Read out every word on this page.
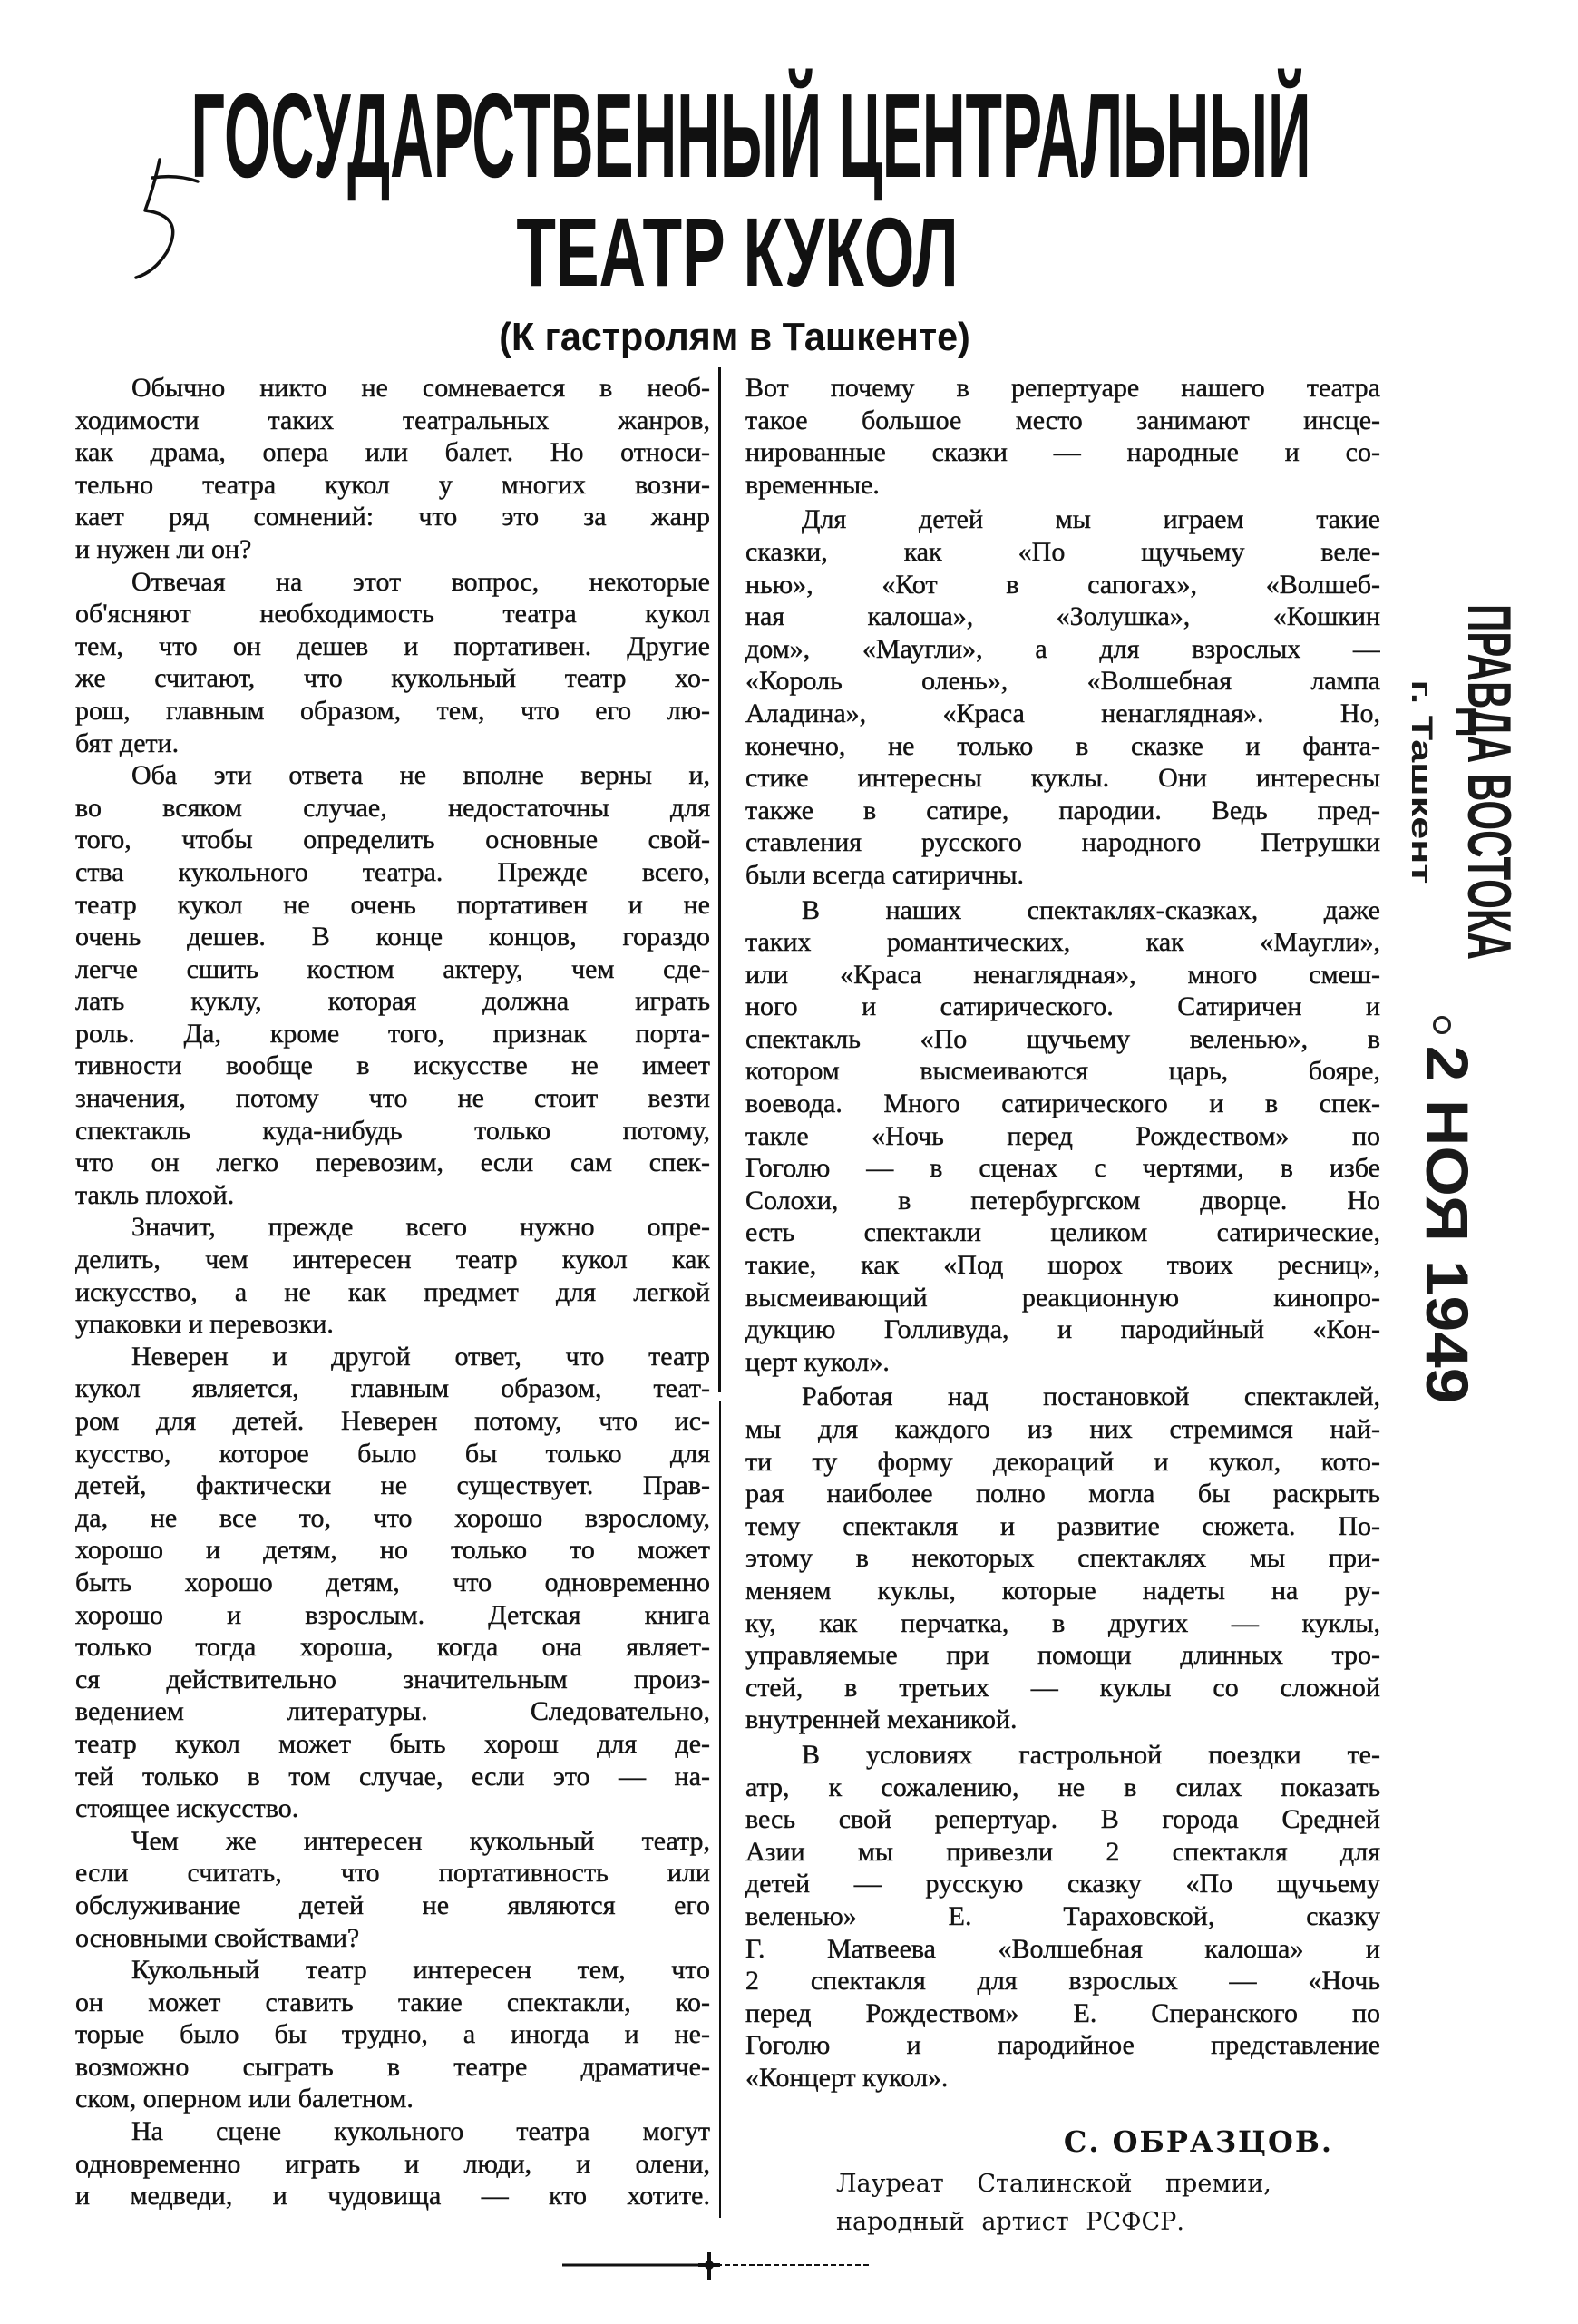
ГОСУДАРСТВЕННЫЙ ЦЕНТРАЛЬНЫЙ
ТЕАТР КУКОЛ
(К гастролям в Ташкенте)
Обычно никто не сомневается в необ-
ходимости таких театральных жанров,
как драма, опера или балет. Но относи-
тельно театра кукол у многих возни-
кает ряд сомнений: что это за жанр
и нужен ли он?
Отвечая на этот вопрос, некоторые
об'ясняют необходимость театра кукол
тем, что он дешев и портативен. Другие
же считают, что кукольный театр хо-
рош, главным образом, тем, что его лю-
бят дети.
Оба эти ответа не вполне верны и,
во всяком случае, недостаточны для
того, чтобы определить основные свой-
ства кукольного театра. Прежде всего,
театр кукол не очень портативен и не
очень дешев. В конце концов, гораздо
легче сшить костюм актеру, чем сде-
лать куклу, которая должна играть
роль. Да, кроме того, признак порта-
тивности вообще в искусстве не имеет
значения, потому что не стоит везти
спектакль куда-нибудь только потому,
что он легко перевозим, если сам спек-
такль плохой.
Значит, прежде всего нужно опре-
делить, чем интересен театр кукол как
искусство, а не как предмет для легкой
упаковки и перевозки.
Неверен и другой ответ, что театр
кукол является, главным образом, теат-
ром для детей. Неверен потому, что ис-
кусство, которое было бы только для
детей, фактически не существует. Прав-
да, не все то, что хорошо взрослому,
хорошо и детям, но только то может
быть хорошо детям, что одновременно
хорошо и взрослым. Детская книга
только тогда хороша, когда она являет-
ся действительно значительным произ-
ведением литературы. Следовательно,
театр кукол может быть хорош для де-
тей только в том случае, если это — на-
стоящее искусство.
Чем же интересен кукольный театр,
если считать, что портативность или
обслуживание детей не являются его
основными свойствами?
Кукольный театр интересен тем, что
он может ставить такие спектакли, ко-
торые было бы трудно, а иногда и не-
возможно сыграть в театре драматиче-
ском, оперном или балетном.
На сцене кукольного театра могут
одновременно играть и люди, и олени,
и медведи, и чудовища — кто хотите.
Вот почему в репертуаре нашего театра
такое большое место занимают инсце-
нированные сказки — народные и со-
временные.
Для детей мы играем такие
сказки, как «По щучьему веле-
нью», «Кот в сапогах», «Волшеб-
ная калоша», «Золушка», «Кошкин
дом», «Маугли», а для взрослых —
«Король олень», «Волшебная лампа
Аладина», «Краса ненаглядная». Но,
конечно, не только в сказке и фанта-
стике интересны куклы. Они интересны
также в сатире, пародии. Ведь пред-
ставления русского народного Петрушки
были всегда сатиричны.
В наших спектаклях-сказках, даже
таких романтических, как «Маугли»,
или «Краса ненаглядная», много смеш-
ного и сатирического. Сатиричен и
спектакль «По щучьему веленью», в
котором высмеиваются царь, бояре,
воевода. Много сатирического и в спек-
такле «Ночь перед Рождеством» по
Гоголю — в сценах с чертями, в избе
Солохи, в петербургском дворце. Но
есть спектакли целиком сатирические,
такие, как «Под шорох твоих ресниц»,
высмеивающий реакционную кинопро-
дукцию Голливуда, и пародийный «Кон-
церт кукол».
Работая над постановкой спектаклей,
мы для каждого из них стремимся най-
ти ту форму декораций и кукол, кото-
рая наиболее полно могла бы раскрыть
тему спектакля и развитие сюжета. По-
этому в некоторых спектаклях мы при-
меняем куклы, которые надеты на ру-
ку, как перчатка, в других — куклы,
управляемые при помощи длинных тро-
стей, в третьих — куклы со сложной
внутренней механикой.
В условиях гастрольной поездки те-
атр, к сожалению, не в силах показать
весь свой репертуар. В города Средней
Азии мы привезли 2 спектакля для
детей — русскую сказку «По щучьему
веленью» Е. Тараховской, сказку
Г. Матвеева «Волшебная калоша» и
2 спектакля для взрослых — «Ночь
перед Рождеством» Е. Сперанского по
Гоголю и пародийное представление
«Концерт кукол».
С. ОБРАЗЦОВ.
Лауреат Сталинской премии,
народный артист РСФСР.
ПРАВДА ВОСТОКА
г. Ташкент
2 НОЯ 1949
